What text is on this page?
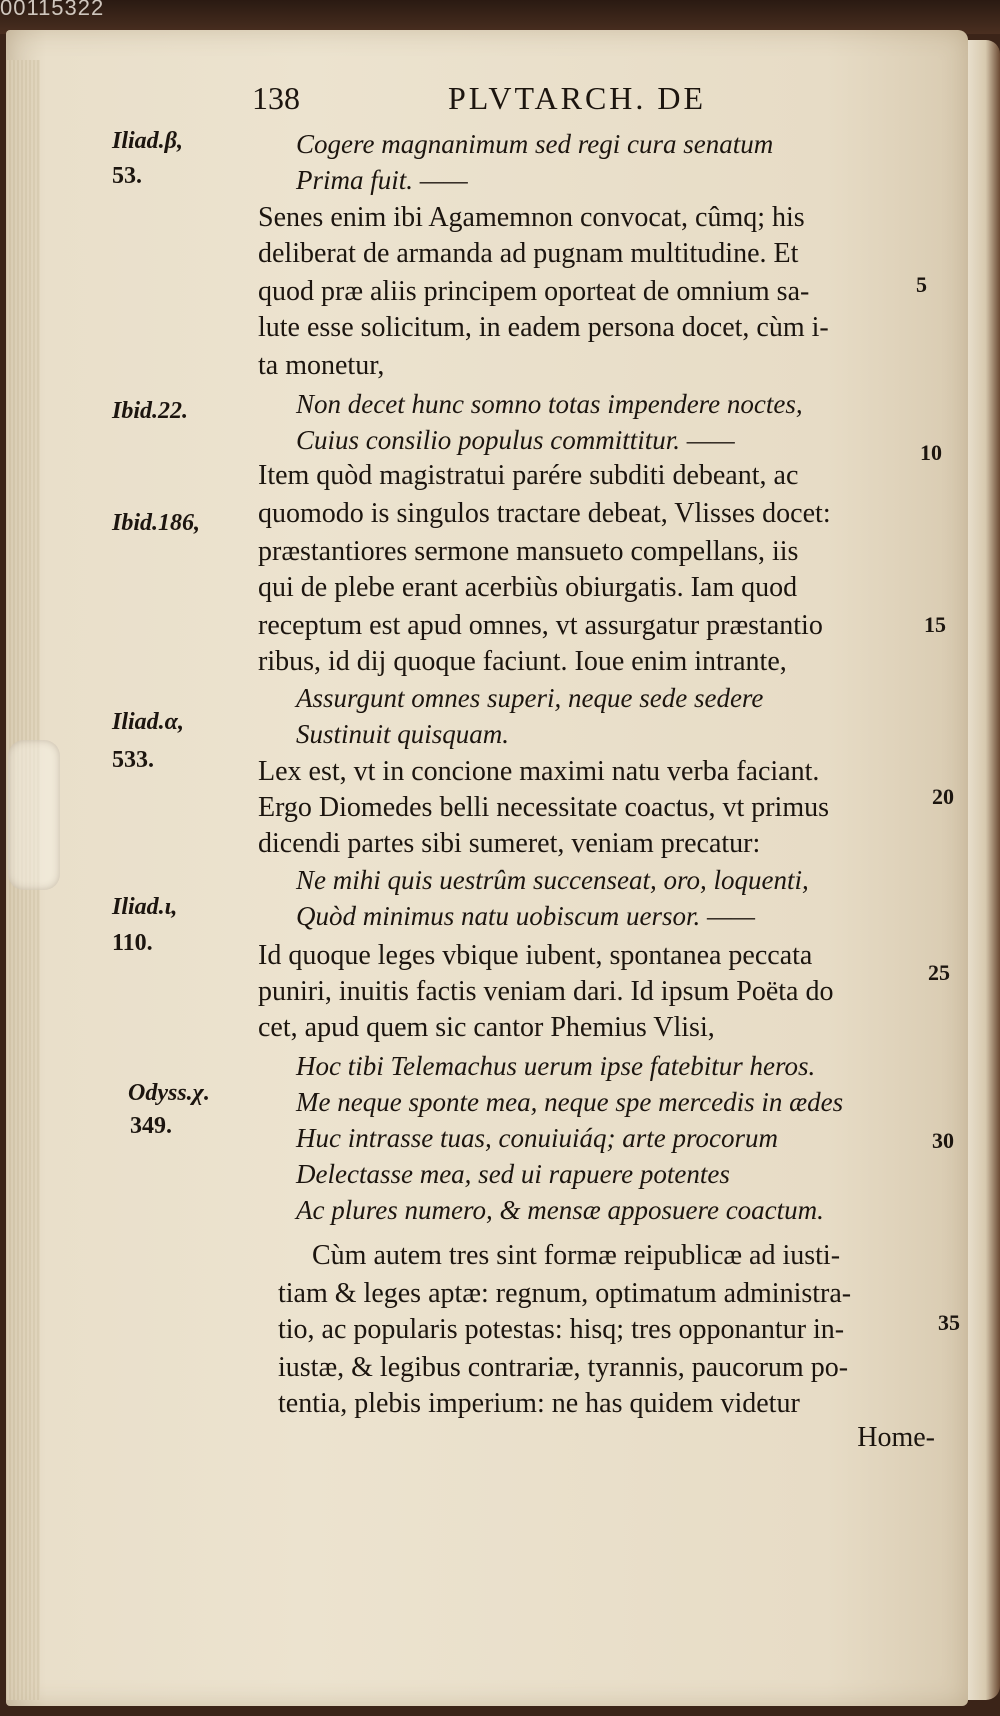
00115322
138	PLVTARCH. DE
Iliad.β,
53.
Ibid.22.
Ibid.186,
Iliad.α,
533.
Iliad.ι,
110.
Odyss.χ.
349.
5
10
15
20
25
30
35
Cogere magnanimum sed regi cura senatum
Prima fuit. ——
Senes enim ibi Agamemnon convocat, cûmq; his
deliberat de armanda ad pugnam multitudine. Et
quod præ aliis principem oporteat de omnium sa-
lute esse solicitum, in eadem persona docet, cùm i-
ta monetur,
Non decet hunc somno totas impendere noctes,
Cuius consilio populus committitur. ——
Item quòd magistratui parére subditi debeant, ac
quomodo is singulos tractare debeat, Vlisses docet:
præstantiores sermone mansueto compellans, iis
qui de plebe erant acerbiùs obiurgatis. Iam quod
receptum est apud omnes, vt assurgatur præstantio
ribus, id dij quoque faciunt. Ioue enim intrante,
Assurgunt omnes superi, neque sede sedere
Sustinuit quisquam.
Lex est, vt in concione maximi natu verba faciant.
Ergo Diomedes belli necessitate coactus, vt primus
dicendi partes sibi sumeret, veniam precatur:
Ne mihi quis uestrûm succenseat, oro, loquenti,
Quòd minimus natu uobiscum uersor. ——
Id quoque leges vbique iubent, spontanea peccata
puniri, inuitis factis veniam dari. Id ipsum Poëta do
cet, apud quem sic cantor Phemius Vlisi,
Hoc tibi Telemachus uerum ipse fatebitur heros.
Me neque sponte mea, neque spe mercedis in ædes
Huc intrasse tuas, conuiuiáq; arte procorum
Delectasse mea, sed ui rapuere potentes
Ac plures numero, & mensæ apposuere coactum.
Cùm autem tres sint formæ reipublicæ ad iusti-
tiam & leges aptæ: regnum, optimatum administra-
tio, ac popularis potestas: hisq; tres opponantur in-
iustæ, & legibus contrariæ, tyrannis, paucorum po-
tentia, plebis imperium: ne has quidem videtur
Home-
